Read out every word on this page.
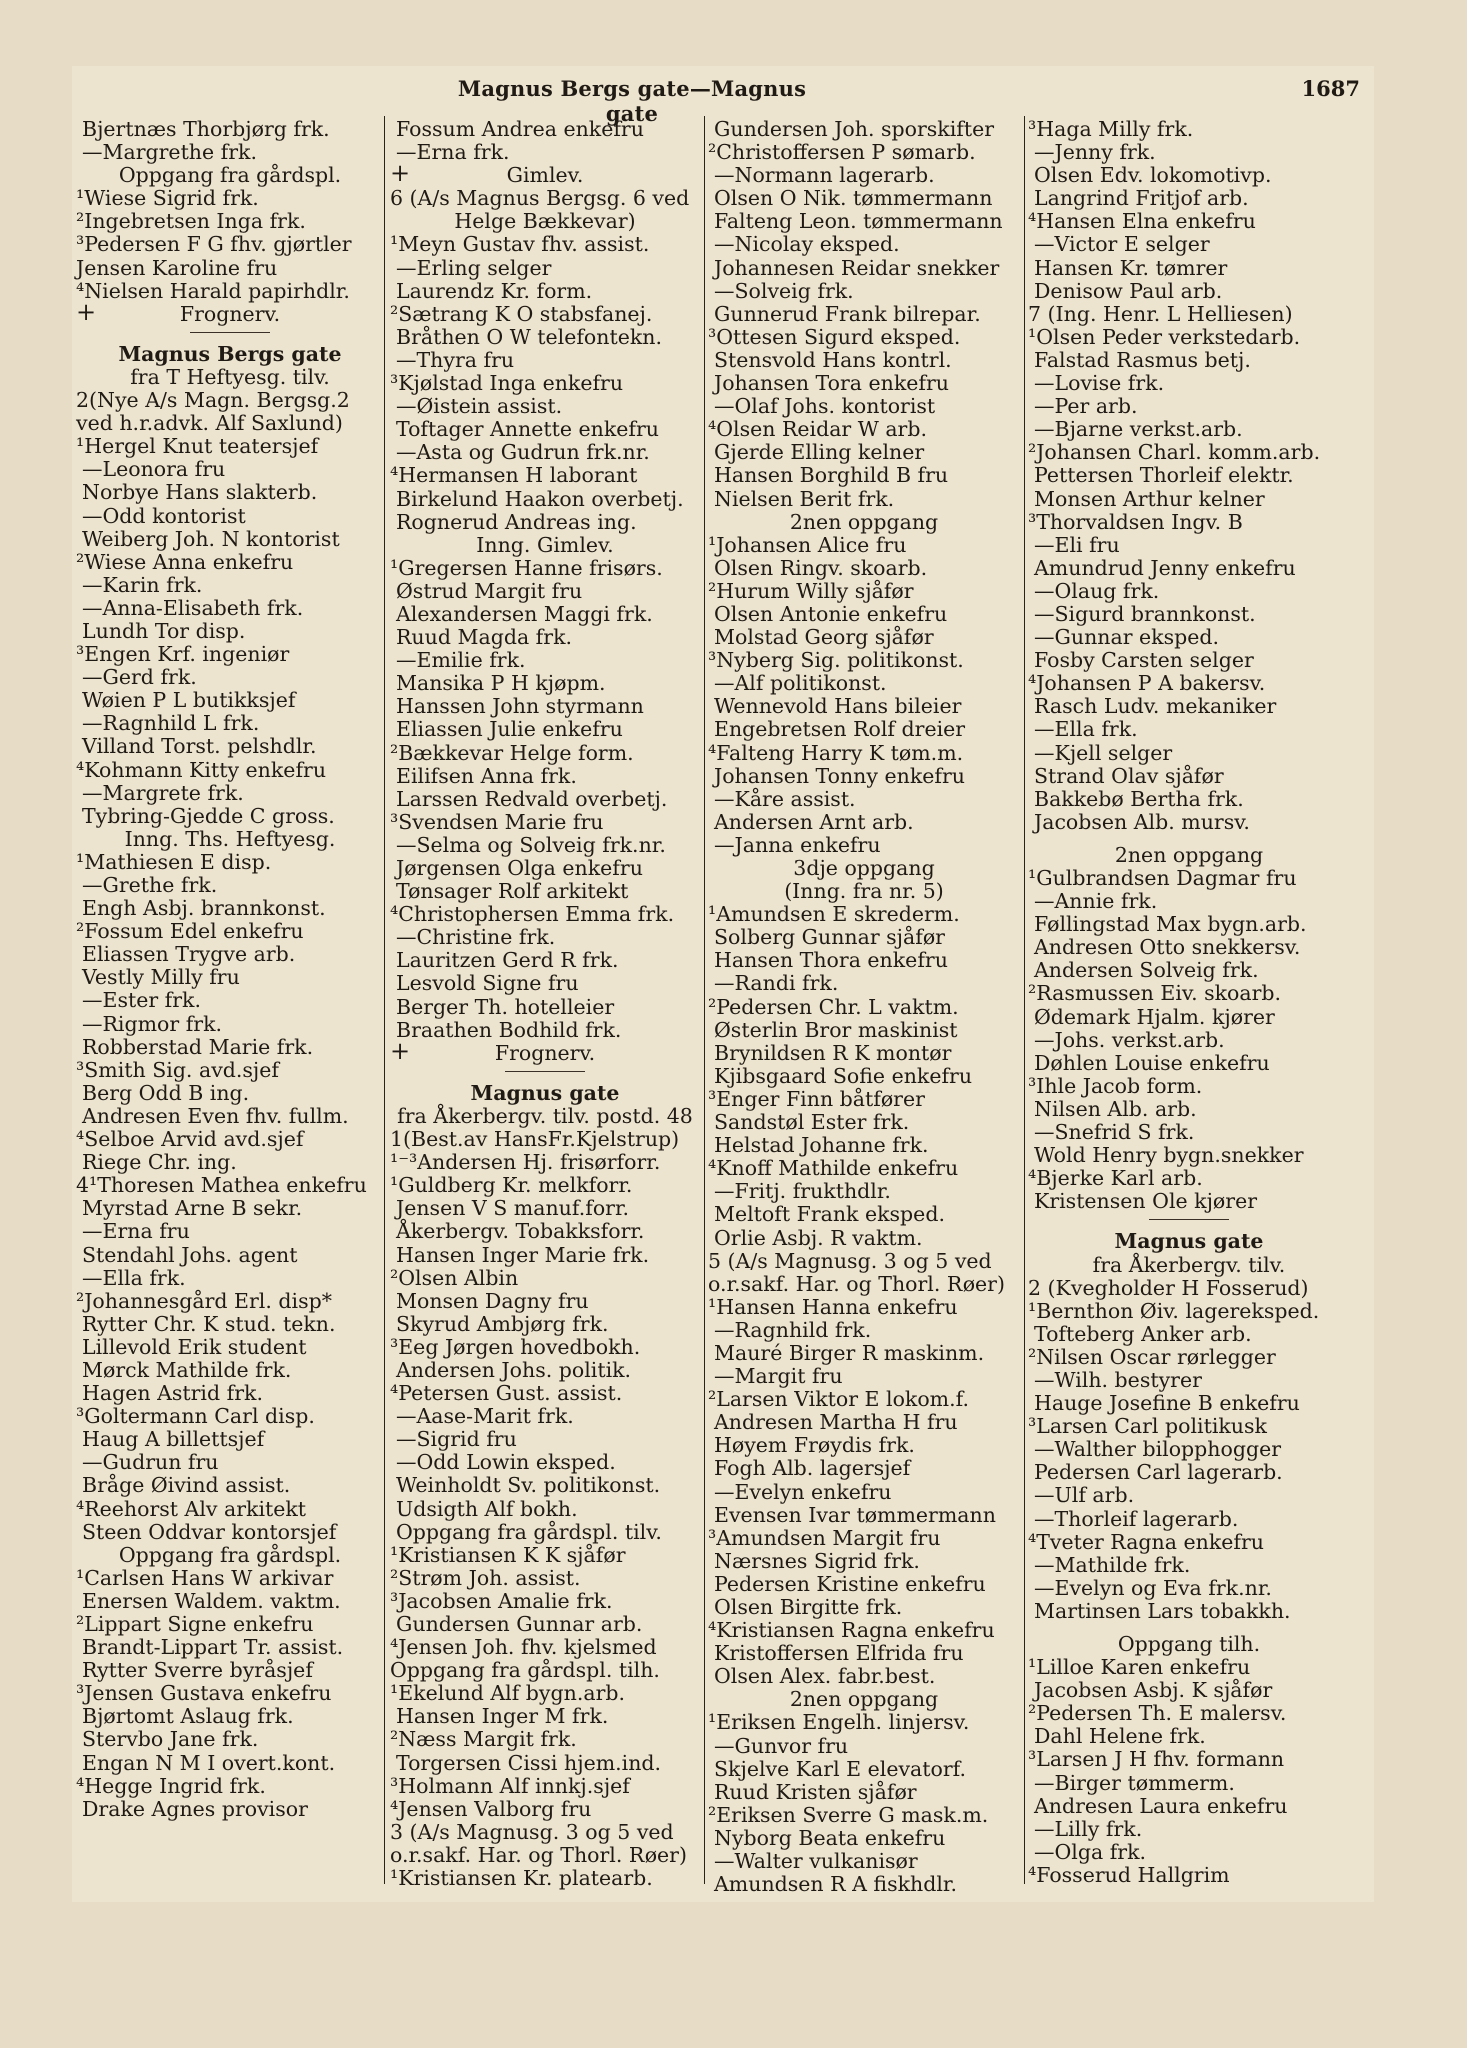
Magnus Bergs gate—Magnus gate
1687
Bjertnæs Thorbjørg frk.
—Margrethe frk.
Oppgang fra gårdspl.
¹Wiese Sigrid frk.
²Ingebretsen Inga frk.
³Pedersen F G fhv. gjørtler
Jensen Karoline fru
⁴Nielsen Harald papirhdlr.
+	Frognerv.
Magnus Bergs gate
fra T Heftyesg. tilv.
2(Nye A/s Magn. Bergsg.2
ved h.r.advk. Alf Saxlund)
¹Hergel Knut teatersjef
—Leonora fru
Norbye Hans slakterb.
—Odd kontorist
Weiberg Joh. N kontorist
²Wiese Anna enkefru
—Karin frk.
—Anna-Elisabeth frk.
Lundh Tor disp.
³Engen Krf. ingeniør
—Gerd frk.
Wøien P L butikksjef
—Ragnhild L frk.
Villand Torst. pelshdlr.
⁴Kohmann Kitty enkefru
—Margrete frk.
Tybring-Gjedde C gross.
Inng. Ths. Heftyesg.
¹Mathiesen E disp.
—Grethe frk.
Engh Asbj. brannkonst.
²Fossum Edel enkefru
Eliassen Trygve arb.
Vestly Milly fru
—Ester frk.
—Rigmor frk.
Robberstad Marie frk.
³Smith Sig. avd.sjef
Berg Odd B ing.
Andresen Even fhv. fullm.
⁴Selboe Arvid avd.sjef
Riege Chr. ing.
4¹Thoresen Mathea enkefru
Myrstad Arne B sekr.
—Erna fru
Stendahl Johs. agent
—Ella frk.
²Johannesgård Erl. disp*
Rytter Chr. K stud. tekn.
Lillevold Erik student
Mørck Mathilde frk.
Hagen Astrid frk.
³Goltermann Carl disp.
Haug A billettsjef
—Gudrun fru
Bråge Øivind assist.
⁴Reehorst Alv arkitekt
Steen Oddvar kontorsjef
Oppgang fra gårdspl.
¹Carlsen Hans W arkivar
Enersen Waldem. vaktm.
²Lippart Signe enkefru
Brandt-Lippart Tr. assist.
Rytter Sverre byråsjef
³Jensen Gustava enkefru
Bjørtomt Aslaug frk.
Stervbo Jane frk.
Engan N M I overt.kont.
⁴Hegge Ingrid frk.
Drake Agnes provisor
Fossum Andrea enkefru
—Erna frk.
+	Gimlev.
6 (A/s Magnus Bergsg. 6 ved
Helge Bækkevar)
¹Meyn Gustav fhv. assist.
—Erling selger
Laurendz Kr. form.
²Sætrang K O stabsfanej.
Bråthen O W telefontekn.
—Thyra fru
³Kjølstad Inga enkefru
—Øistein assist.
Toftager Annette enkefru
—Asta og Gudrun frk.nr.
⁴Hermansen H laborant
Birkelund Haakon overbetj.
Rognerud Andreas ing.
Inng. Gimlev.
¹Gregersen Hanne frisørs.
Østrud Margit fru
Alexandersen Maggi frk.
Ruud Magda frk.
—Emilie frk.
Mansika P H kjøpm.
Hanssen John styrmann
Eliassen Julie enkefru
²Bækkevar Helge form.
Eilifsen Anna frk.
Larssen Redvald overbetj.
³Svendsen Marie fru
—Selma og Solveig frk.nr.
Jørgensen Olga enkefru
Tønsager Rolf arkitekt
⁴Christophersen Emma frk.
—Christine frk.
Lauritzen Gerd R frk.
Lesvold Signe fru
Berger Th. hotelleier
Braathen Bodhild frk.
+	Frognerv.
Magnus gate
fra Åkerbergv. tilv. postd. 48
1(Best.av HansFr.Kjelstrup)
¹⁻³Andersen Hj. frisørforr.
¹Guldberg Kr. melkforr.
Jensen V S manuf.forr.
Åkerbergv. Tobakksforr.
Hansen Inger Marie frk.
²Olsen Albin
Monsen Dagny fru
Skyrud Ambjørg frk.
³Eeg Jørgen hovedbokh.
Andersen Johs. politik.
⁴Petersen Gust. assist.
—Aase-Marit frk.
—Sigrid fru
—Odd Lowin eksped.
Weinholdt Sv. politikonst.
Udsigth Alf bokh.
Oppgang fra gårdspl. tilv.
¹Kristiansen K K sjåfør
²Strøm Joh. assist.
³Jacobsen Amalie frk.
Gundersen Gunnar arb.
⁴Jensen Joh. fhv. kjelsmed
Oppgang fra gårdspl. tilh.
¹Ekelund Alf bygn.arb.
Hansen Inger M frk.
²Næss Margit frk.
Torgersen Cissi hjem.ind.
³Holmann Alf innkj.sjef
⁴Jensen Valborg fru
3 (A/s Magnusg. 3 og 5 ved
o.r.sakf. Har. og Thorl. Røer)
¹Kristiansen Kr. platearb.
Gundersen Joh. sporskifter
²Christoffersen P sømarb.
—Normann lagerarb.
Olsen O Nik. tømmermann
Falteng Leon. tømmermann
—Nicolay eksped.
Johannesen Reidar snekker
—Solveig frk.
Gunnerud Frank bilrepar.
³Ottesen Sigurd eksped.
Stensvold Hans kontrl.
Johansen Tora enkefru
—Olaf Johs. kontorist
⁴Olsen Reidar W arb.
Gjerde Elling kelner
Hansen Borghild B fru
Nielsen Berit frk.
2nen oppgang
¹Johansen Alice fru
Olsen Ringv. skoarb.
²Hurum Willy sjåfør
Olsen Antonie enkefru
Molstad Georg sjåfør
³Nyberg Sig. politikonst.
—Alf politikonst.
Wennevold Hans bileier
Engebretsen Rolf dreier
⁴Falteng Harry K tøm.m.
Johansen Tonny enkefru
—Kåre assist.
Andersen Arnt arb.
—Janna enkefru
3dje oppgang
(Inng. fra nr. 5)
¹Amundsen E skrederm.
Solberg Gunnar sjåfør
Hansen Thora enkefru
—Randi frk.
²Pedersen Chr. L vaktm.
Østerlin Bror maskinist
Brynildsen R K montør
Kjibsgaard Sofie enkefru
³Enger Finn båtfører
Sandstøl Ester frk.
Helstad Johanne frk.
⁴Knoff Mathilde enkefru
—Fritj. frukthdlr.
Meltoft Frank eksped.
Orlie Asbj. R vaktm.
5 (A/s Magnusg. 3 og 5 ved
o.r.sakf. Har. og Thorl. Røer)
¹Hansen Hanna enkefru
—Ragnhild frk.
Mauré Birger R maskinm.
—Margit fru
²Larsen Viktor E lokom.f.
Andresen Martha H fru
Høyem Frøydis frk.
Fogh Alb. lagersjef
—Evelyn enkefru
Evensen Ivar tømmermann
³Amundsen Margit fru
Nærsnes Sigrid frk.
Pedersen Kristine enkefru
Olsen Birgitte frk.
⁴Kristiansen Ragna enkefru
Kristoffersen Elfrida fru
Olsen Alex. fabr.best.
2nen oppgang
¹Eriksen Engelh. linjersv.
—Gunvor fru
Skjelve Karl E elevatorf.
Ruud Kristen sjåfør
²Eriksen Sverre G mask.m.
Nyborg Beata enkefru
—Walter vulkanisør
Amundsen R A fiskhdlr.
³Haga Milly frk.
—Jenny frk.
Olsen Edv. lokomotivp.
Langrind Fritjof arb.
⁴Hansen Elna enkefru
—Victor E selger
Hansen Kr. tømrer
Denisow Paul arb.
7 (Ing. Henr. L Helliesen)
¹Olsen Peder verkstedarb.
Falstad Rasmus betj.
—Lovise frk.
—Per arb.
—Bjarne verkst.arb.
²Johansen Charl. komm.arb.
Pettersen Thorleif elektr.
Monsen Arthur kelner
³Thorvaldsen Ingv. B
—Eli fru
Amundrud Jenny enkefru
—Olaug frk.
—Sigurd brannkonst.
—Gunnar eksped.
Fosby Carsten selger
⁴Johansen P A bakersv.
Rasch Ludv. mekaniker
—Ella frk.
—Kjell selger
Strand Olav sjåfør
Bakkebø Bertha frk.
Jacobsen Alb. mursv.
2nen oppgang
¹Gulbrandsen Dagmar fru
—Annie frk.
Føllingstad Max bygn.arb.
Andresen Otto snekkersv.
Andersen Solveig frk.
²Rasmussen Eiv. skoarb.
Ødemark Hjalm. kjører
—Johs. verkst.arb.
Døhlen Louise enkefru
³Ihle Jacob form.
Nilsen Alb. arb.
—Snefrid S frk.
Wold Henry bygn.snekker
⁴Bjerke Karl arb.
Kristensen Ole kjører
Magnus gate
fra Åkerbergv. tilv.
2 (Kvegholder H Fosserud)
¹Bernthon Øiv. lagereksped.
Tofteberg Anker arb.
²Nilsen Oscar rørlegger
—Wilh. bestyrer
Hauge Josefine B enkefru
³Larsen Carl politikusk
—Walther bilopphogger
Pedersen Carl lagerarb.
—Ulf arb.
—Thorleif lagerarb.
⁴Tveter Ragna enkefru
—Mathilde frk.
—Evelyn og Eva frk.nr.
Martinsen Lars tobakkh.
Oppgang tilh.
¹Lilloe Karen enkefru
Jacobsen Asbj. K sjåfør
²Pedersen Th. E malersv.
Dahl Helene frk.
³Larsen J H fhv. formann
—Birger tømmerm.
Andresen Laura enkefru
—Lilly frk.
—Olga frk.
⁴Fosserud Hallgrim
